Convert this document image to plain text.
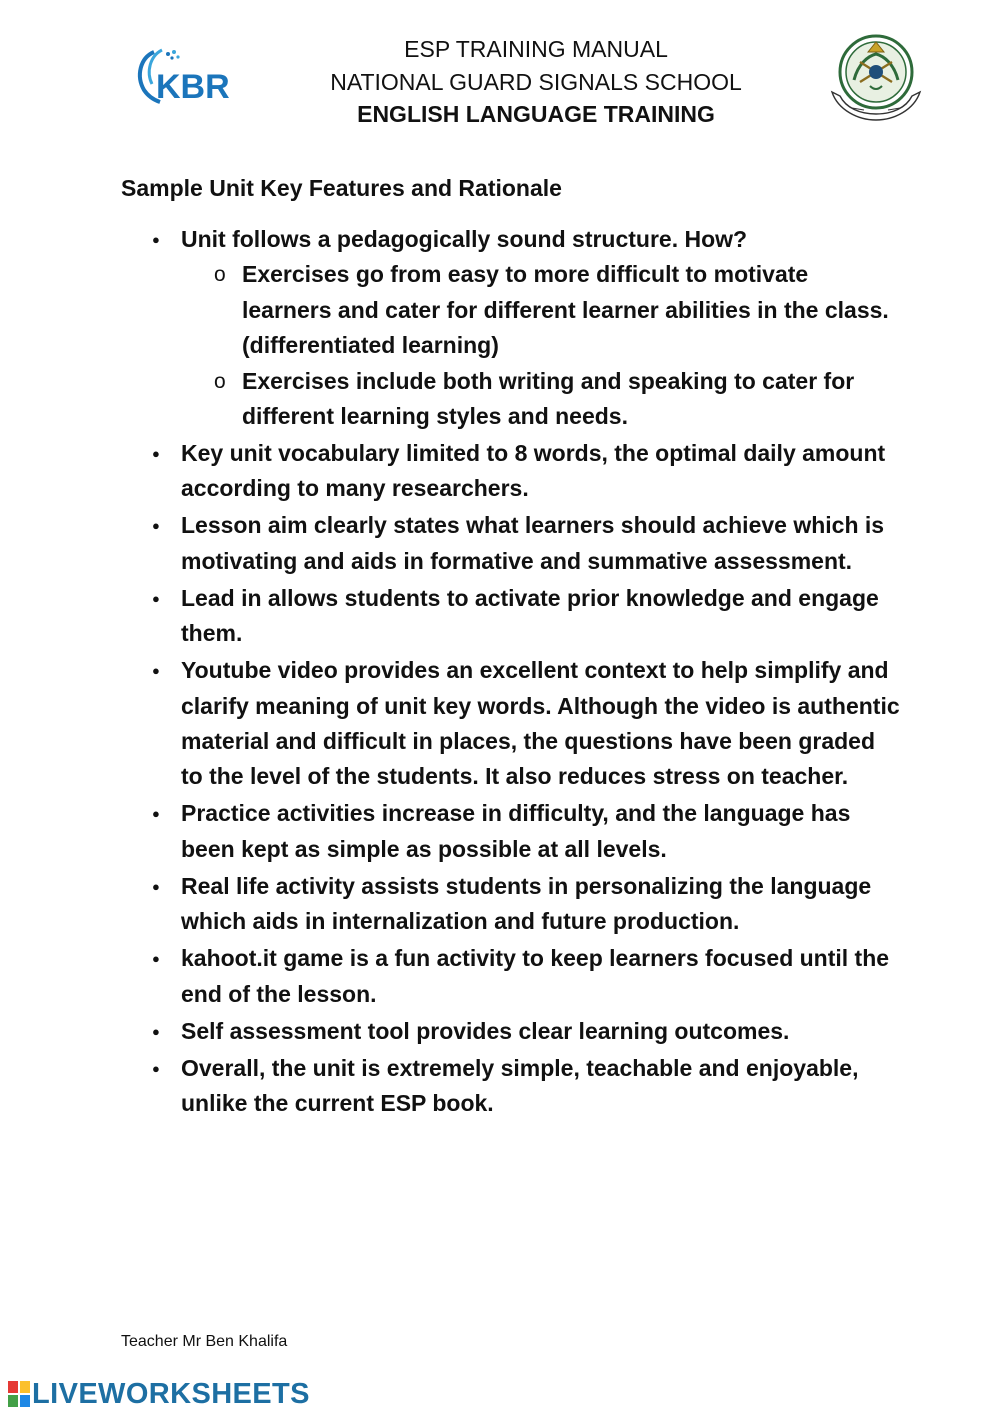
KBR
ESP TRAINING MANUAL
NATIONAL GUARD SIGNALS SCHOOL
ENGLISH LANGUAGE TRAINING
Sample Unit Key Features and Rationale
● Unit follows a pedagogically sound structure. How?
o Exercises go from easy to more difficult to motivate learners and cater for different learner abilities in the class. (differentiated learning)
o Exercises include both writing and speaking to cater for different learning styles and needs.
● Key unit vocabulary limited to 8 words, the optimal daily amount according to many researchers.
● Lesson aim clearly states what learners should achieve which is motivating and aids in formative and summative assessment.
● Lead in allows students to activate prior knowledge and engage them.
● Youtube video provides an excellent context to help simplify and clarify meaning of unit key words. Although the video is authentic material and difficult in places, the questions have been graded to the level of the students. It also reduces stress on teacher.
● Practice activities increase in difficulty, and the language has been kept as simple as possible at all levels.
● Real life activity assists students in personalizing the language which aids in internalization and future production.
● kahoot.it game is a fun activity to keep learners focused until the end of the lesson.
● Self assessment tool provides clear learning outcomes.
● Overall, the unit is extremely simple, teachable and enjoyable, unlike the current ESP book.
Teacher Mr Ben Khalifa
LIVEWORKSHEETS
